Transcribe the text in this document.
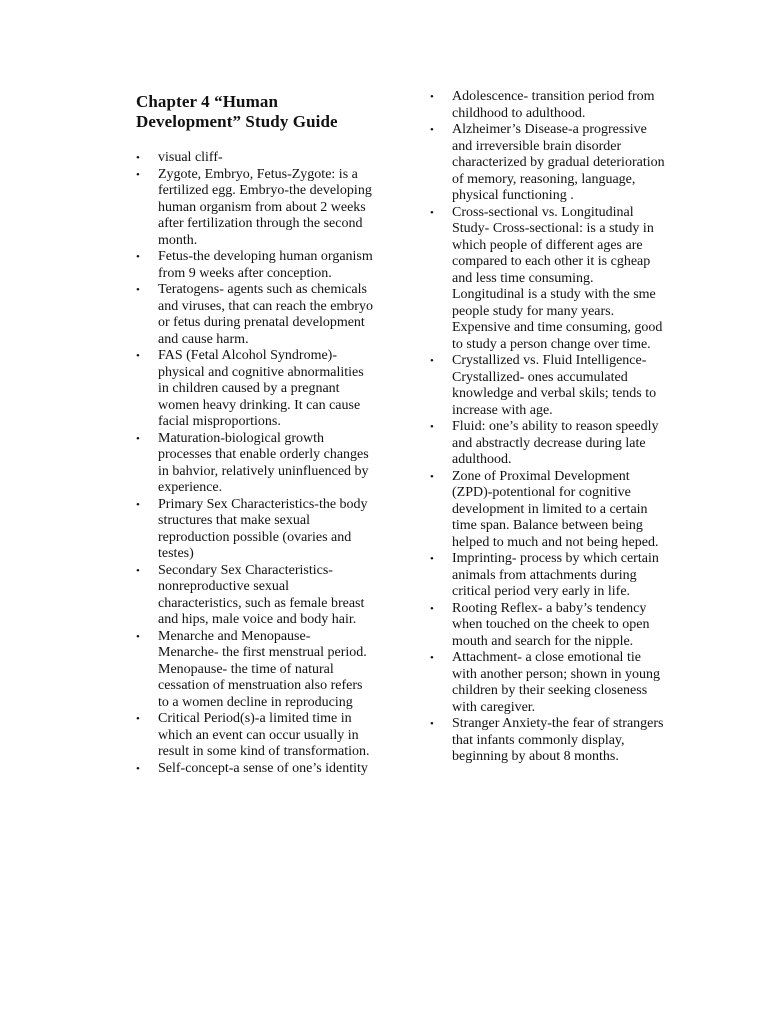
Chapter 4 “Human Development” Study Guide
•	visual cliff-
•	Zygote, Embryo, Fetus-Zygote: is a fertilized egg. Embryo-the developing human organism from about 2 weeks after fertilization through the second month.
•	Fetus-the developing human organism from 9 weeks after conception.
•	Teratogens- agents such as chemicals and viruses, that can reach the embryo or fetus during prenatal development and cause harm.
•	FAS (Fetal Alcohol Syndrome)- physical and cognitive abnormalities in children caused by a pregnant women heavy drinking. It can cause facial misproportions.
•	Maturation-biological growth processes that enable orderly changes in bahvior, relatively uninfluenced by experience.
•	Primary Sex Characteristics-the body structures that make sexual reproduction possible (ovaries and testes)
•	Secondary Sex Characteristics- nonreproductive sexual characteristics, such as female breast and hips, male voice and body hair.
•	Menarche and Menopause- Menarche- the first menstrual period. Menopause- the time of natural cessation of menstruation also refers to a women decline in reproducing
•	Critical Period(s)-a limited time in which an event can occur usually in result in some kind of transformation.
•	Self-concept-a sense of one’s identity
•	Adolescence- transition period from childhood to adulthood.
•	Alzheimer’s Disease-a progressive and irreversible brain disorder characterized by gradual deterioration of memory, reasoning, language, physical functioning .
•	Cross-sectional vs. Longitudinal Study- Cross-sectional: is a study in which people of different ages are compared to each other it is cgheap and less time consuming. Longitudinal is a study with the sme people study for many years. Expensive and time consuming, good to study a person change over time.
•	Crystallized vs. Fluid Intelligence- Crystallized- ones accumulated knowledge and verbal skils; tends to increase with age.
•	Fluid: one’s ability to reason speedly and abstractly decrease during late adulthood.
•	Zone of Proximal Development (ZPD)-potentional for cognitive development in limited to a certain time span. Balance between being helped to much and not being heped.
•	Imprinting- process by which certain animals from attachments during critical period very early in life.
•	Rooting Reflex- a baby’s tendency when touched on the cheek to open mouth and search for the nipple.
•	Attachment- a close emotional tie with another person; shown in young children by their seeking closeness with caregiver.
•	Stranger Anxiety-the fear of strangers that infants commonly display, beginning by about 8 months.
